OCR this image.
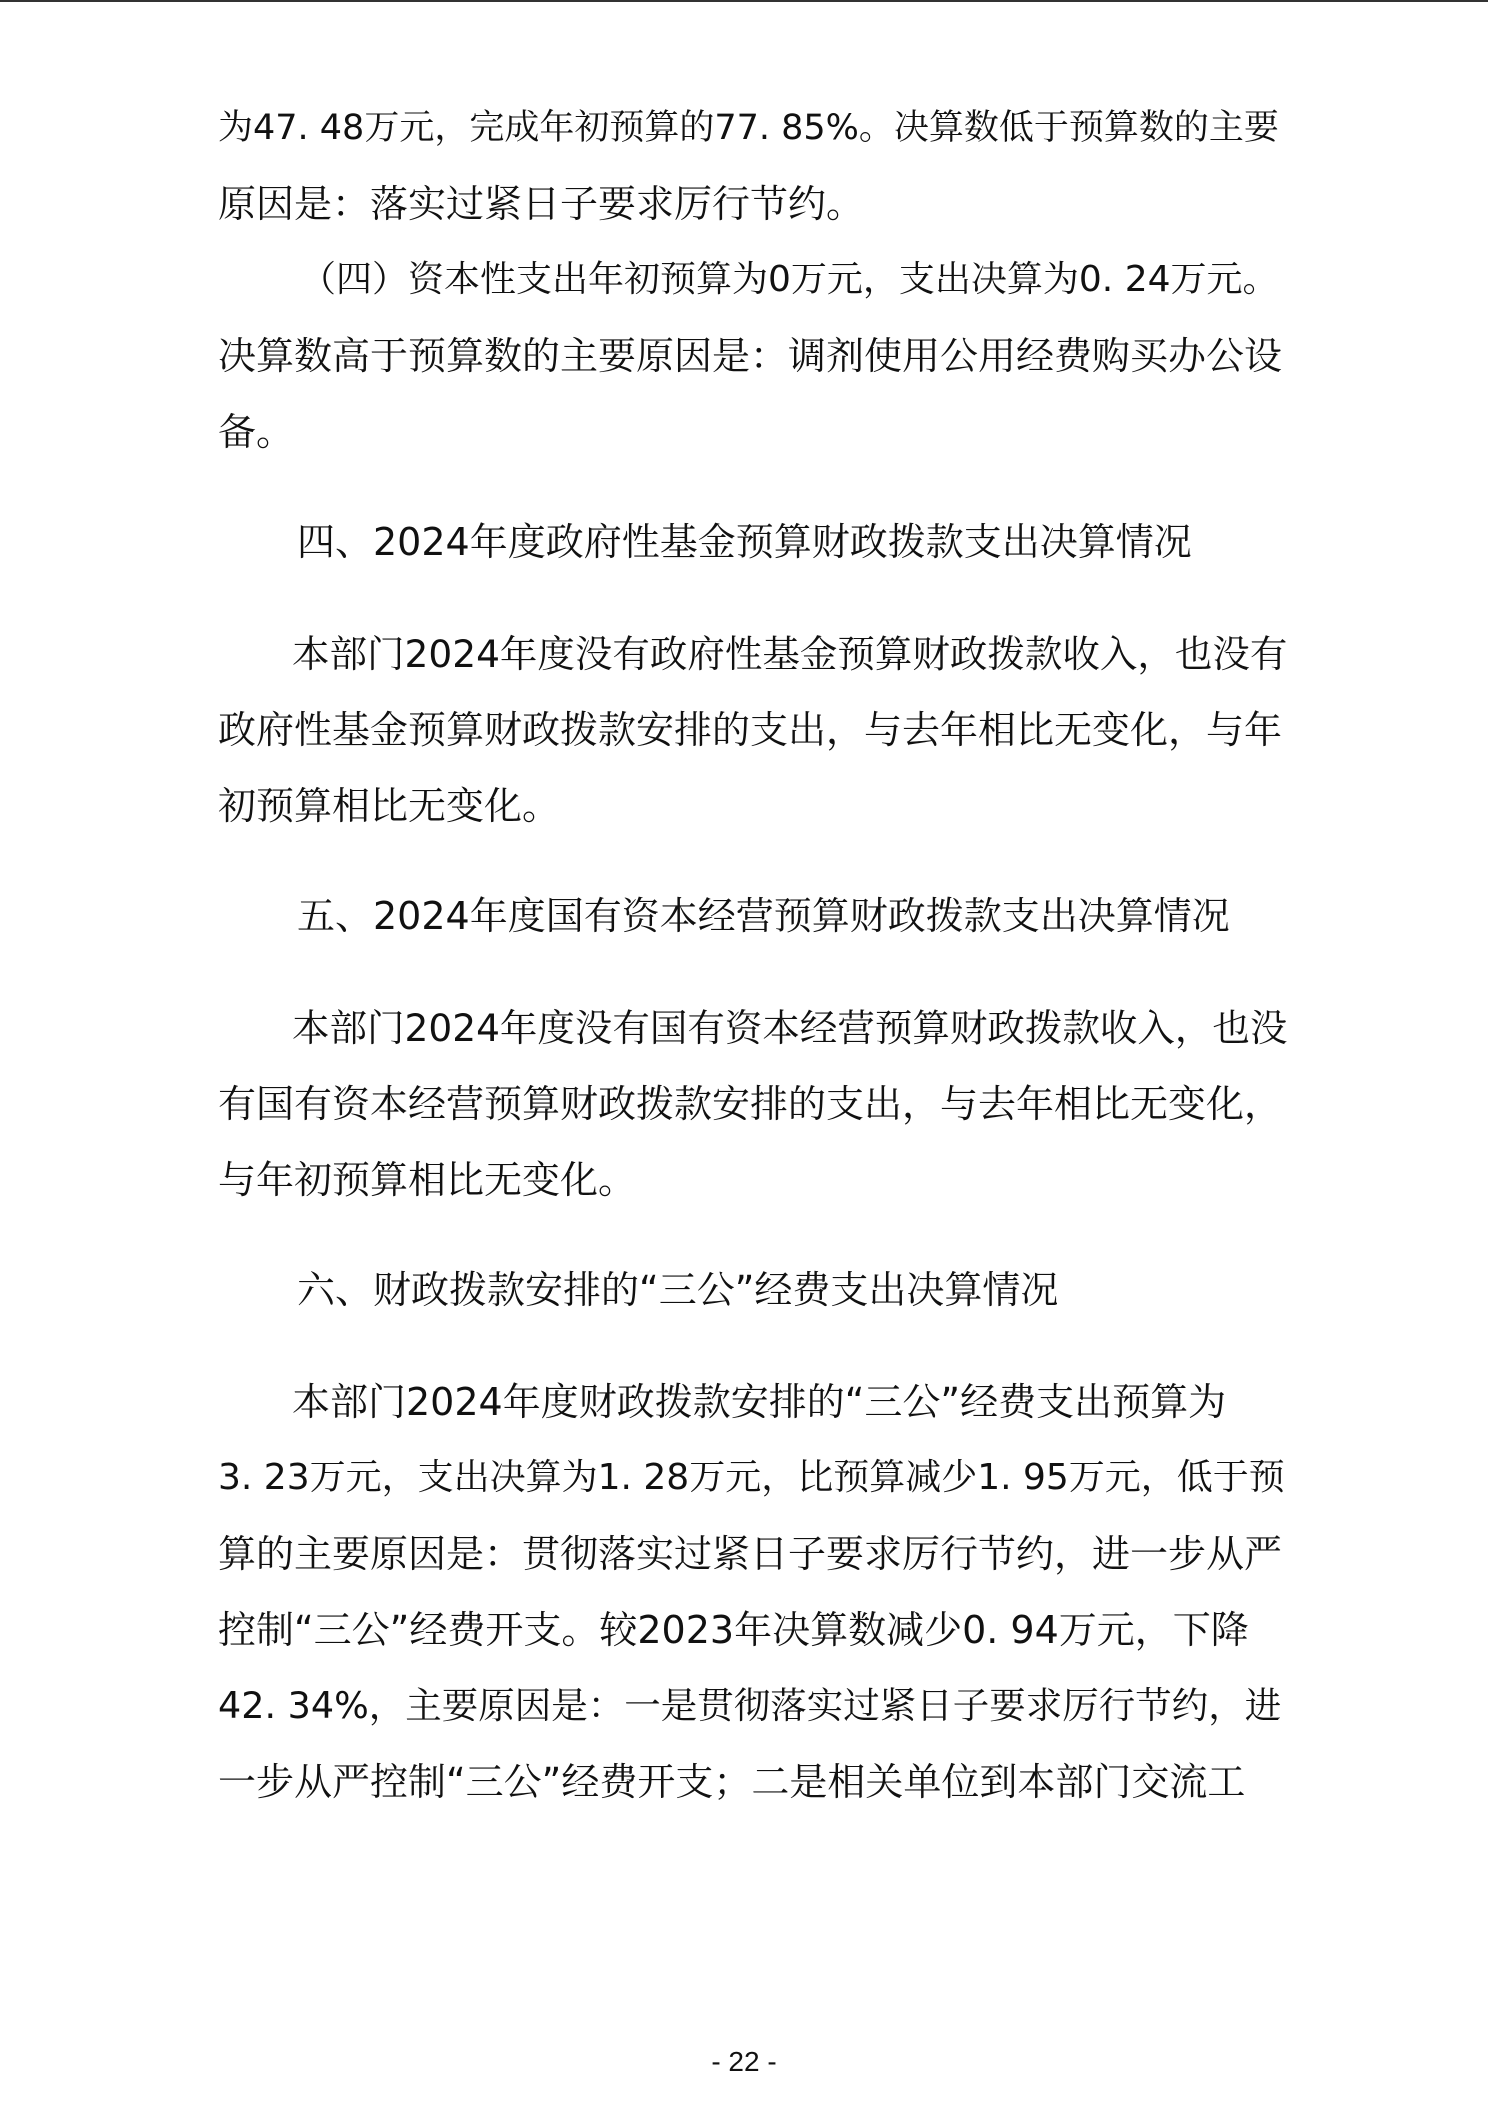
为47. 48万元，完成年初预算的77. 85%。决算数低于预算数的主要
原因是：落实过紧日子要求厉行节约。
（四）资本性支出年初预算为0万元，支出决算为0. 24万元。
决算数高于预算数的主要原因是：调剂使用公用经费购买办公设
备。
四、2024年度政府性基金预算财政拨款支出决算情况
本部门2024年度没有政府性基金预算财政拨款收入，也没有
政府性基金预算财政拨款安排的支出，与去年相比无变化，与年
初预算相比无变化。
五、2024年度国有资本经营预算财政拨款支出决算情况
本部门2024年度没有国有资本经营预算财政拨款收入，也没
有国有资本经营预算财政拨款安排的支出，与去年相比无变化，
与年初预算相比无变化。
六、财政拨款安排的“三公”经费支出决算情况
本部门2024年度财政拨款安排的“三公”经费支出预算为
3. 23万元，支出决算为1. 28万元，比预算减少1. 95万元，低于预
算的主要原因是：贯彻落实过紧日子要求厉行节约，进一步从严
控制“三公”经费开支。较2023年决算数减少0. 94万元，下降
42. 34%，主要原因是：一是贯彻落实过紧日子要求厉行节约，进
一步从严控制“三公”经费开支；二是相关单位到本部门交流工
- 22 -
